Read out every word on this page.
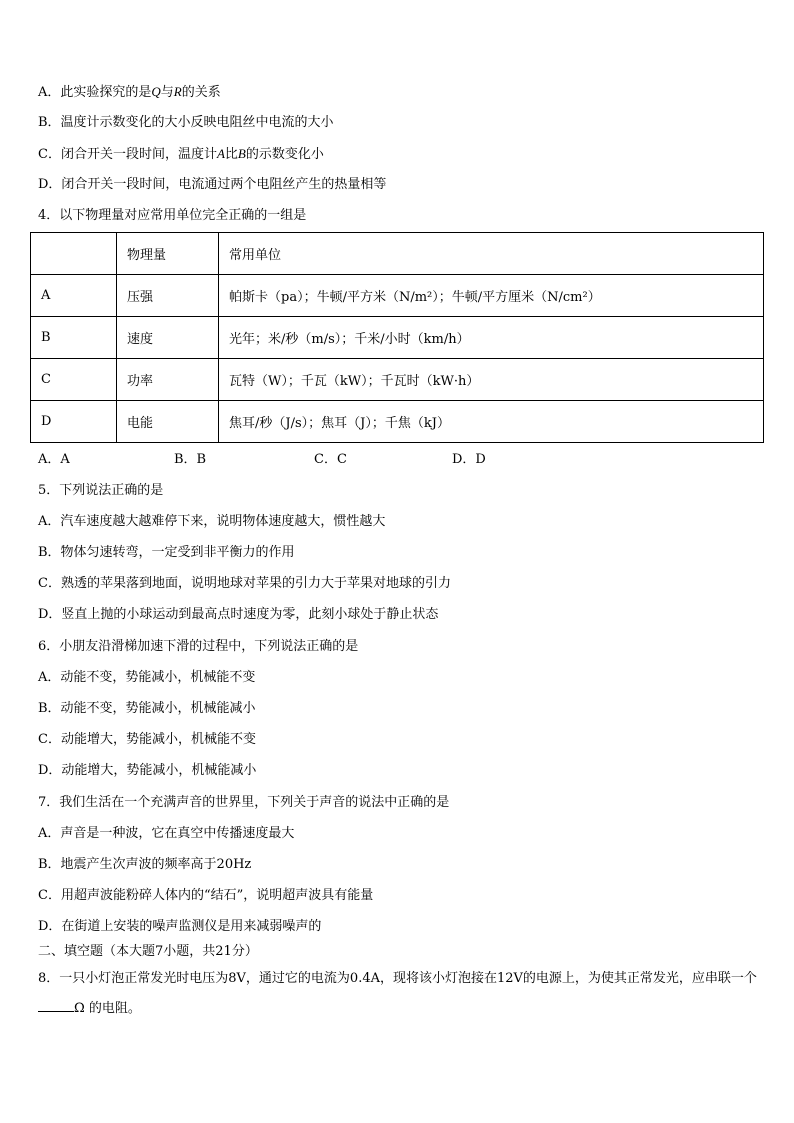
A．此实验探究的是Q与R的关系
B．温度计示数变化的大小反映电阻丝中电流的大小
C．闭合开关一段时间，温度计A比B的示数变化小
D．闭合开关一段时间，电流通过两个电阻丝产生的热量相等
4．以下物理量对应常用单位完全正确的一组是
	物理量	常用单位
A	压强	帕斯卡（pa）；牛顿/平方米（N/m²）；牛顿/平方厘米（N/cm²）
B	速度	光年；米/秒（m/s）；千米/小时（km/h）
C	功率	瓦特（W）；千瓦（kW）；千瓦时（kW·h）
D	电能	焦耳/秒（J/s）；焦耳（J）；千焦（kJ）
A．A	B．B	C．C	D．D
5．下列说法正确的是
A．汽车速度越大越难停下来，说明物体速度越大，惯性越大
B．物体匀速转弯，一定受到非平衡力的作用
C．熟透的苹果落到地面，说明地球对苹果的引力大于苹果对地球的引力
D．竖直上抛的小球运动到最高点时速度为零，此刻小球处于静止状态
6．小朋友沿滑梯加速下滑的过程中，下列说法正确的是
A．动能不变，势能减小，机械能不变
B．动能不变，势能减小，机械能减小
C．动能增大，势能减小，机械能不变
D．动能增大，势能减小，机械能减小
7．我们生活在一个充满声音的世界里，下列关于声音的说法中正确的是
A．声音是一种波，它在真空中传播速度最大
B．地震产生次声波的频率高于20Hz
C．用超声波能粉碎人体内的“结石”，说明超声波具有能量
D．在街道上安装的噪声监测仪是用来减弱噪声的
二、填空题（本大题7小题，共21分）
8．一只小灯泡正常发光时电压为8V，通过它的电流为0.4A，现将该小灯泡接在12V的电源上，为使其正常发光，应串联一个Ω 的电阻。
